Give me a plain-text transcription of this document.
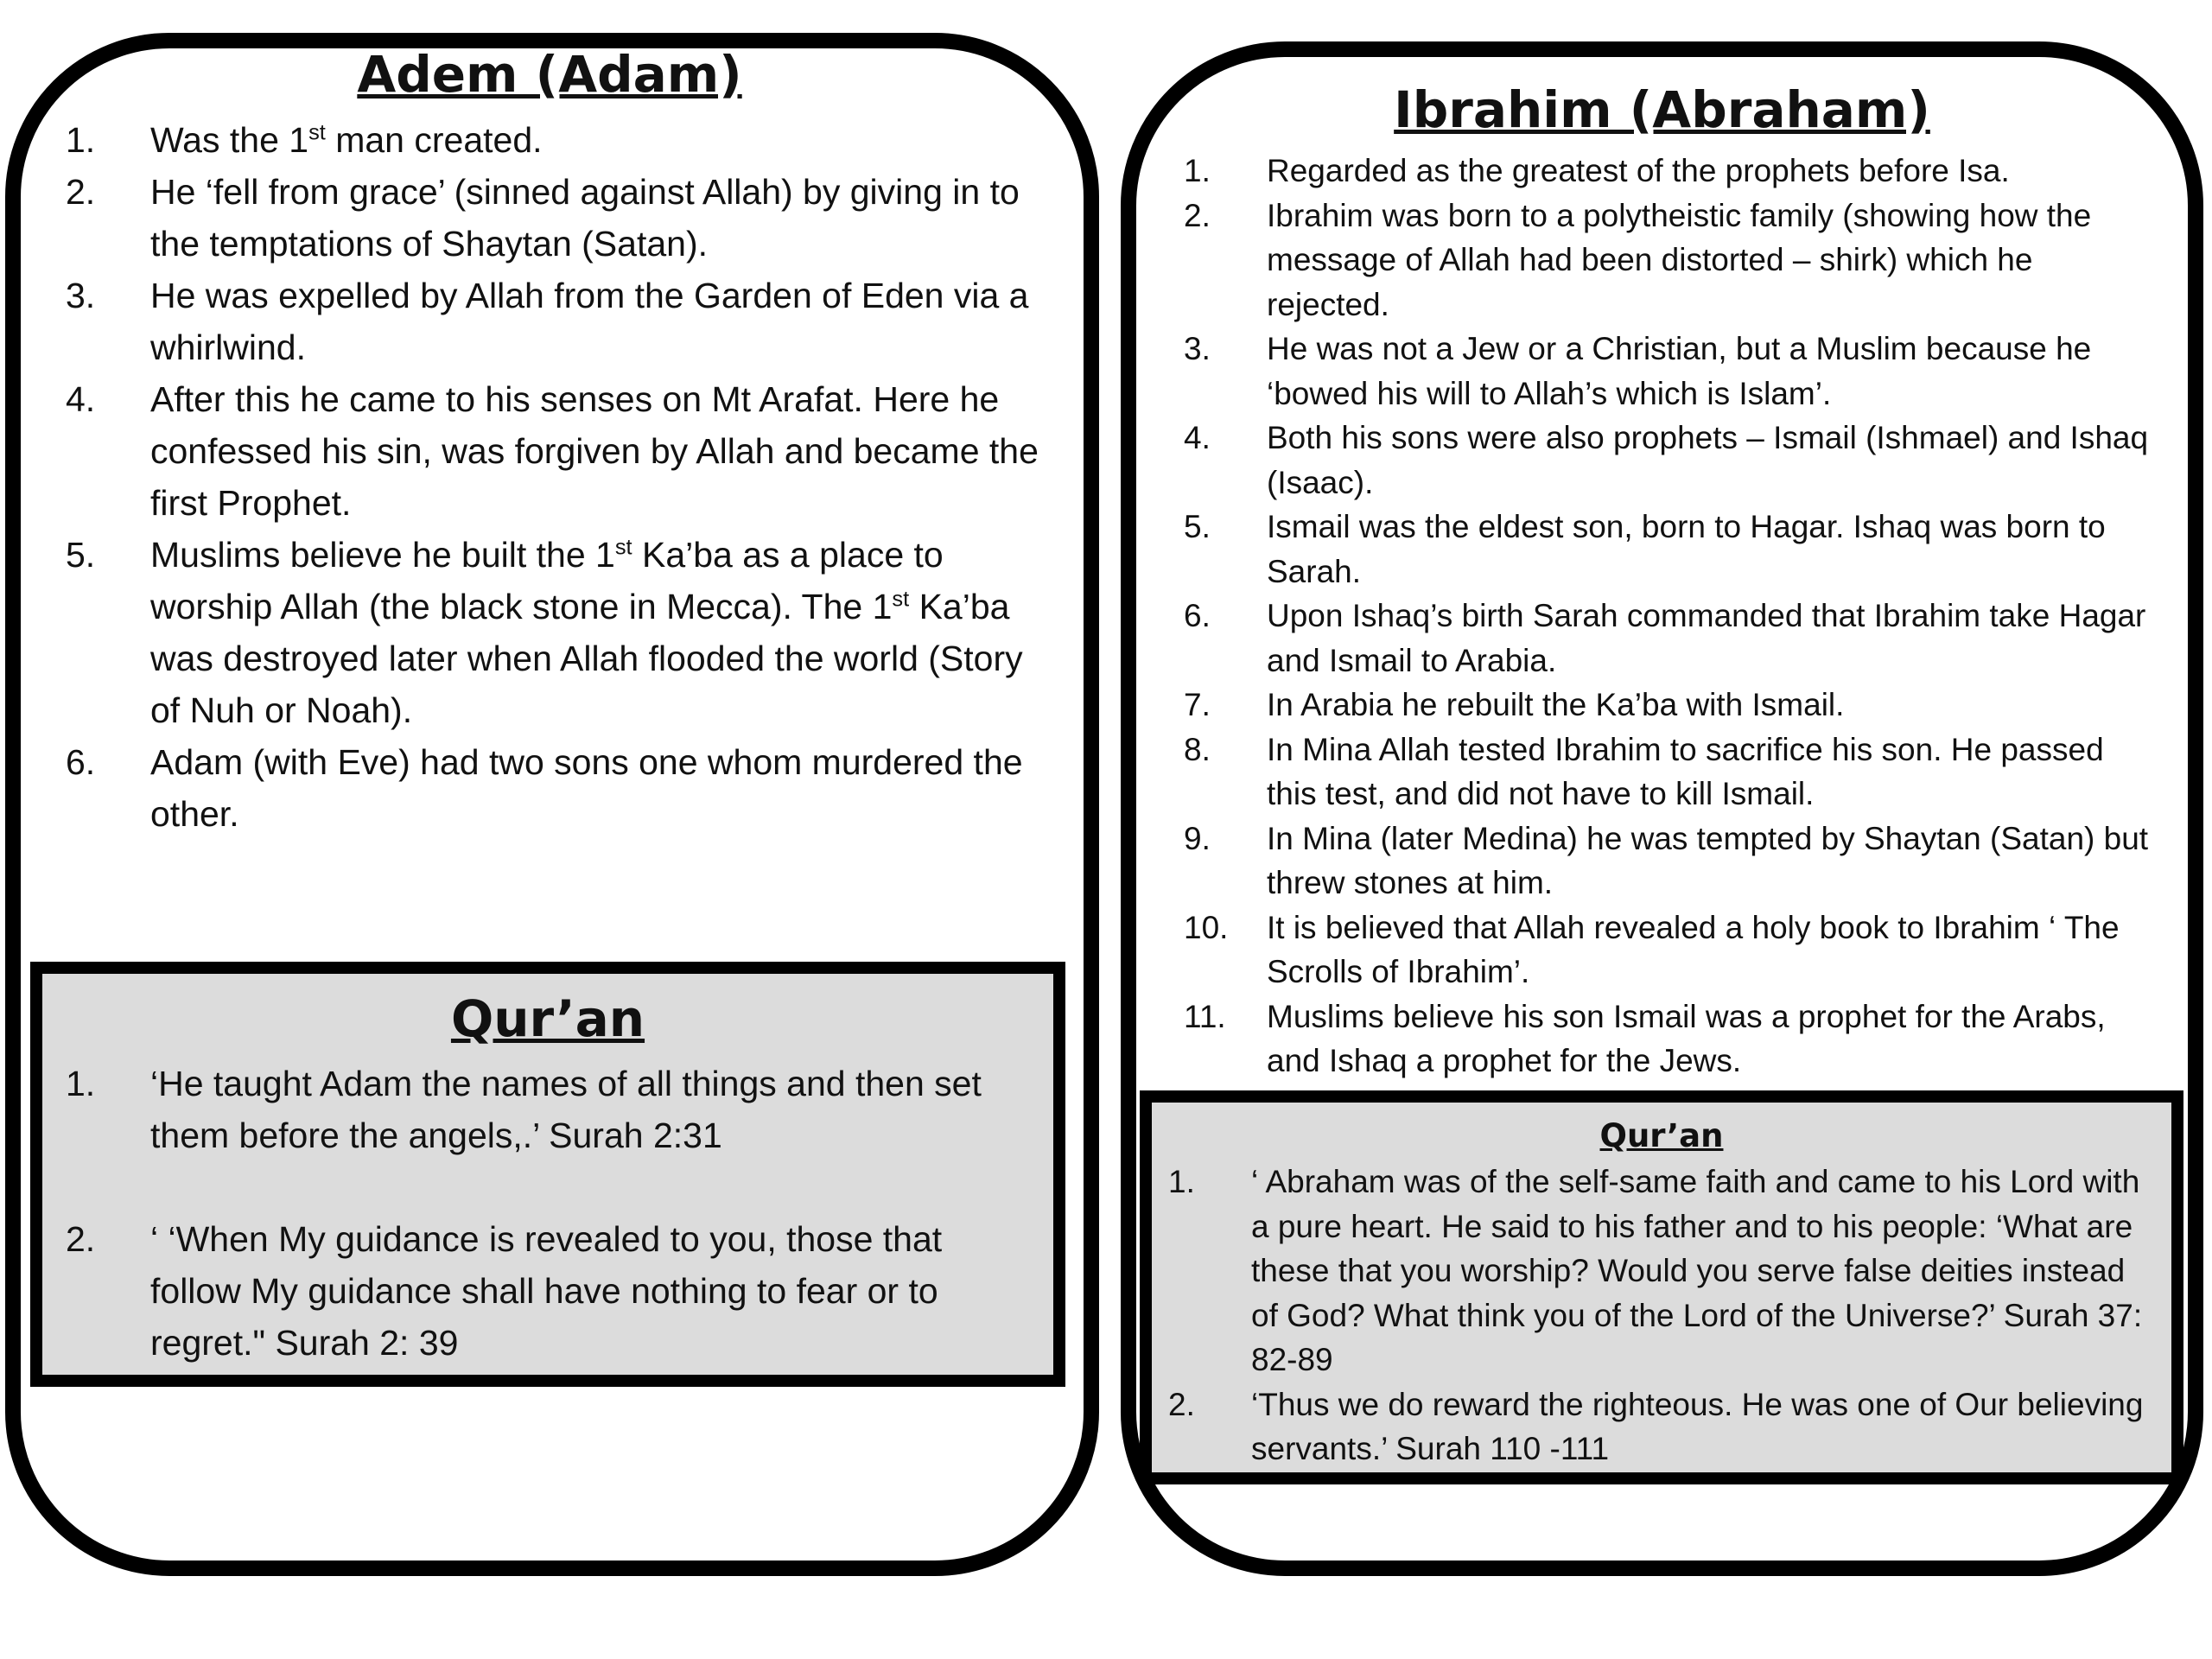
Adem (Adam)
1. Was the 1st man created.
2. He ‘fell from grace’ (sinned against Allah) by giving in to the temptations of Shaytan (Satan).
3. He was expelled by Allah from the Garden of Eden via a whirlwind.
4. After this he came to his senses on Mt Arafat. Here he confessed his sin, was forgiven by Allah and became the first Prophet.
5. Muslims believe he built the 1st Ka’ba as a place to worship Allah (the black stone in Mecca). The 1st Ka’ba was destroyed later when Allah flooded the world (Story of Nuh or Noah).
6. Adam (with Eve) had two sons one whom murdered the other.
Qur’an
1. ‘He taught Adam the names of all things and then set them before the angels,.’ Surah 2:31
2. ‘ ‘When My guidance is revealed to you, those that follow My guidance shall have nothing to fear or to regret." Surah 2: 39
Ibrahim (Abraham)
1. Regarded as the greatest of the prophets before Isa.
2. Ibrahim was born to a polytheistic family (showing how the message of Allah had been distorted – shirk) which he rejected.
3. He was not a Jew or a Christian, but a Muslim because he ‘bowed his will to Allah’s which is Islam’.
4. Both his sons were also prophets – Ismail (Ishmael) and Ishaq (Isaac).
5. Ismail was the eldest son, born to Hagar. Ishaq was born to Sarah.
6. Upon Ishaq’s birth Sarah commanded that Ibrahim take Hagar and Ismail to Arabia.
7. In Arabia he rebuilt the Ka’ba with Ismail.
8. In Mina Allah tested Ibrahim to sacrifice his son. He passed this test, and did not have to kill Ismail.
9. In Mina (later Medina) he was tempted by Shaytan (Satan) but threw stones at him.
10. It is believed that Allah revealed a holy book to Ibrahim ‘ The Scrolls of Ibrahim’.
11. Muslims believe his son Ismail was a prophet for the Arabs, and Ishaq a prophet for the Jews.
Qur’an
1. ‘ Abraham was of the self-same faith and came to his Lord with a pure heart. He said to his father and to his people: ‘What are these that you worship? Would you serve false deities instead of God? What think you of the Lord of the Universe?’ Surah 37: 82-89
2. ‘Thus we do reward the righteous. He was one of Our believing servants.’ Surah 110 -111
